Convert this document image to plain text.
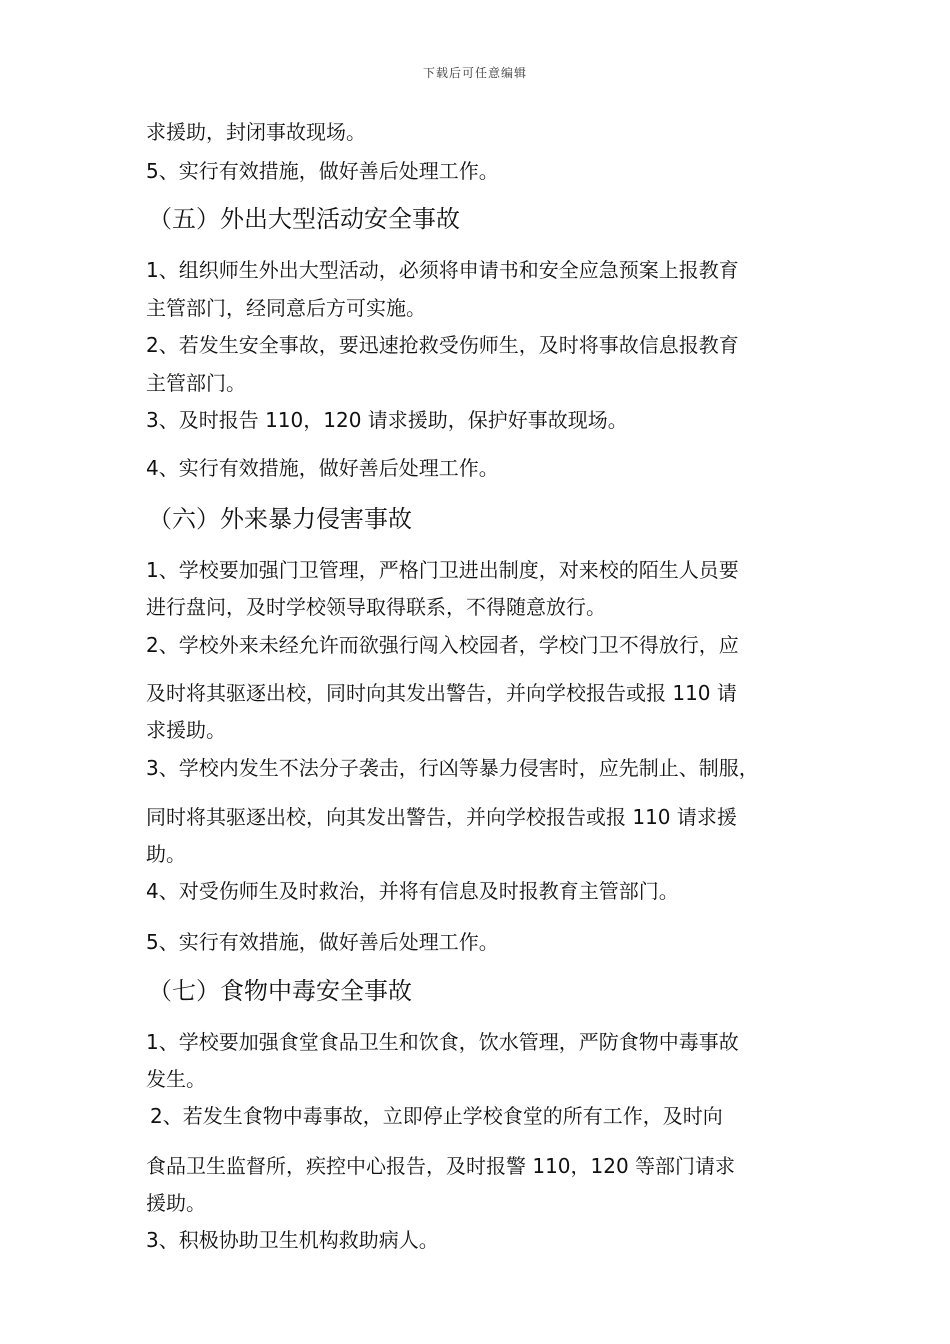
下载后可任意编辑
求援助，封闭事故现场。
5、实行有效措施，做好善后处理工作。
（五）外出大型活动安全事故
1、组织师生外出大型活动，必须将申请书和安全应急预案上报教育
主管部门，经同意后方可实施。
2、若发生安全事故，要迅速抢救受伤师生，及时将事故信息报教育
主管部门。
3、及时报告 110，120 请求援助，保护好事故现场。
4、实行有效措施，做好善后处理工作。
（六）外来暴力侵害事故
1、学校要加强门卫管理，严格门卫进出制度，对来校的陌生人员要
进行盘问，及时学校领导取得联系，不得随意放行。
2、学校外来未经允许而欲强行闯入校园者，学校门卫不得放行，应
及时将其驱逐出校，同时向其发出警告，并向学校报告或报 110 请
求援助。
3、学校内发生不法分子袭击，行凶等暴力侵害时，应先制止、制服，
同时将其驱逐出校，向其发出警告，并向学校报告或报 110 请求援
助。
4、对受伤师生及时救治，并将有信息及时报教育主管部门。
5、实行有效措施，做好善后处理工作。
（七）食物中毒安全事故
1、学校要加强食堂食品卫生和饮食，饮水管理，严防食物中毒事故
发生。
2、若发生食物中毒事故，立即停止学校食堂的所有工作，及时向
食品卫生监督所，疾控中心报告，及时报警 110，120 等部门请求
援助。
3、积极协助卫生机构救助病人。
